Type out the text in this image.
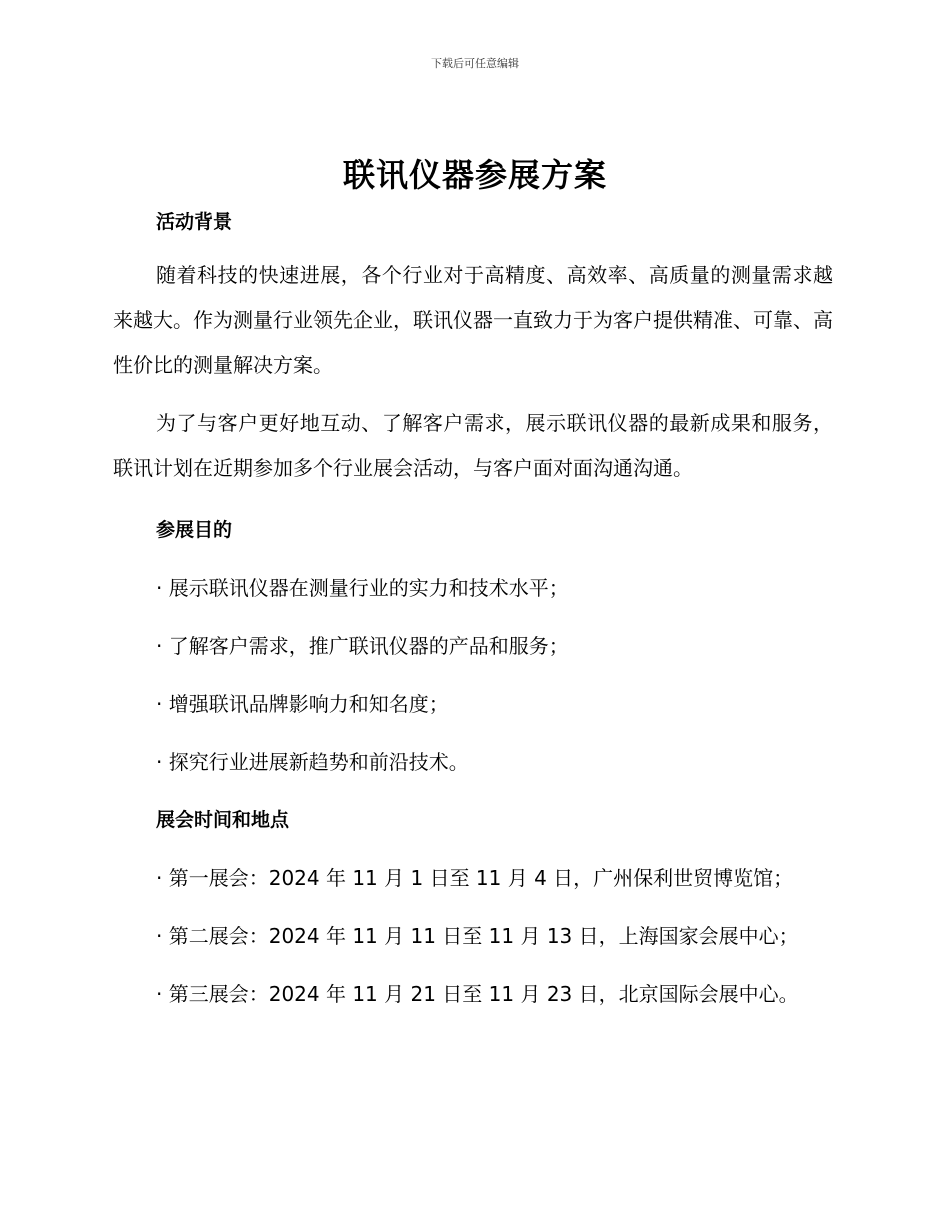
下载后可任意编辑
联讯仪器参展方案
活动背景

随着科技的快速进展，各个行业对于高精度、高效率、高质量的测量需求越来越大。作为测量行业领先企业，联讯仪器一直致力于为客户提供精准、可靠、高性价比的测量解决方案。

为了与客户更好地互动、了解客户需求，展示联讯仪器的最新成果和服务，联讯计划在近期参加多个行业展会活动，与客户面对面沟通沟通。

参展目的

· 展示联讯仪器在测量行业的实力和技术水平；

· 了解客户需求，推广联讯仪器的产品和服务；

· 增强联讯品牌影响力和知名度；

· 探究行业进展新趋势和前沿技术。

展会时间和地点

· 第一展会：2024 年 11 月 1 日至 11 月 4 日，广州保利世贸博览馆；

· 第二展会：2024 年 11 月 11 日至 11 月 13 日，上海国家会展中心；

· 第三展会：2024 年 11 月 21 日至 11 月 23 日，北京国际会展中心。
